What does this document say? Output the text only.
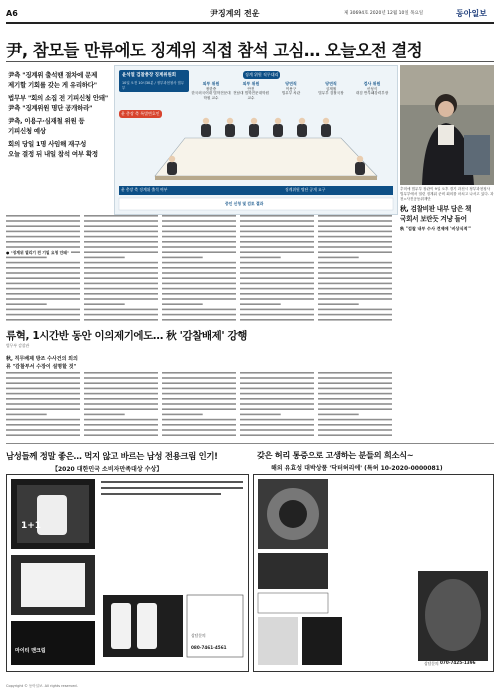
A6	尹징계의 전운	제 30694호 2020년 12월 10일 목요일	동아일보
尹, 참모들 만류에도 징계위 직접 참석 고심… 오늘오전 결정
尹측 "징계위 출석땐 절차에 문제
제기할 기회를 갖는 게 유리하다"
법무부 "회의 소집 전 기피신청 안돼"
尹측 "징계위원 명단 공개하라"
尹측, 이용구·심재철 위원 등
기피신청 예상
회의 당일 1명 사임해 재구성
오늘 결정 뒤 내일 참석 여부 확정
윤석열 검찰총장 징계위원회
10일 오전 10시30분 / 정부과천청사 법무부
징계 위원 직무대리
윤 총장 측 특별변호인
외부 위원
정한중
한국외국어대 법학전문대학원 교수
외부 위원
안진
전남대 법학전문대학원 교수
당연직
이용구
법무부 차관
당연직
심재철
법무부 검찰국장
검사 위원
신성식
대검 반부패강력부장
윤 총장 측 징계위 출석 여부	징계위원 명단 공개 요구
증인 신청 및 검토 결과
추미애 법무부 장관이 9일 오후 경기 과천시 정부과천청사 법무부에서 열린 징계위 준비 회의를 마치고 나서고 있다. 과천=사진공동취재단
● "징계위 열리기 전 기일 요청 안돼"
秋, 검찰비판 내부 담은 책
국회서 보란듯 겨냥 들어
秋 "검찰 내부 수사 견제에 '비상식적'"
류혁, 1시간반 동안 이의제기에도… 秋 '감찰배제' 강행
법무부 감찰관
秋, 직무배제 방조 수사건의 외의
류 "감찰부서 수장이 설명할 것"
남성들께 정말 좋은… 먹지 않고 바르는 남성 전용크림 인기!
【2020 대한민국 소비자만족대상 수상】
1+1
마이티 맨크림
상담문의
080-7461-4561
갖은 허리 통증으로 고생하는 분들의 희소식~
해외 유효성 대박상품 '닥터허리에' (특허 10-2020-0000081)
상담문의 070-7425-1396
Copyright © 동아일보. All rights reserved.
